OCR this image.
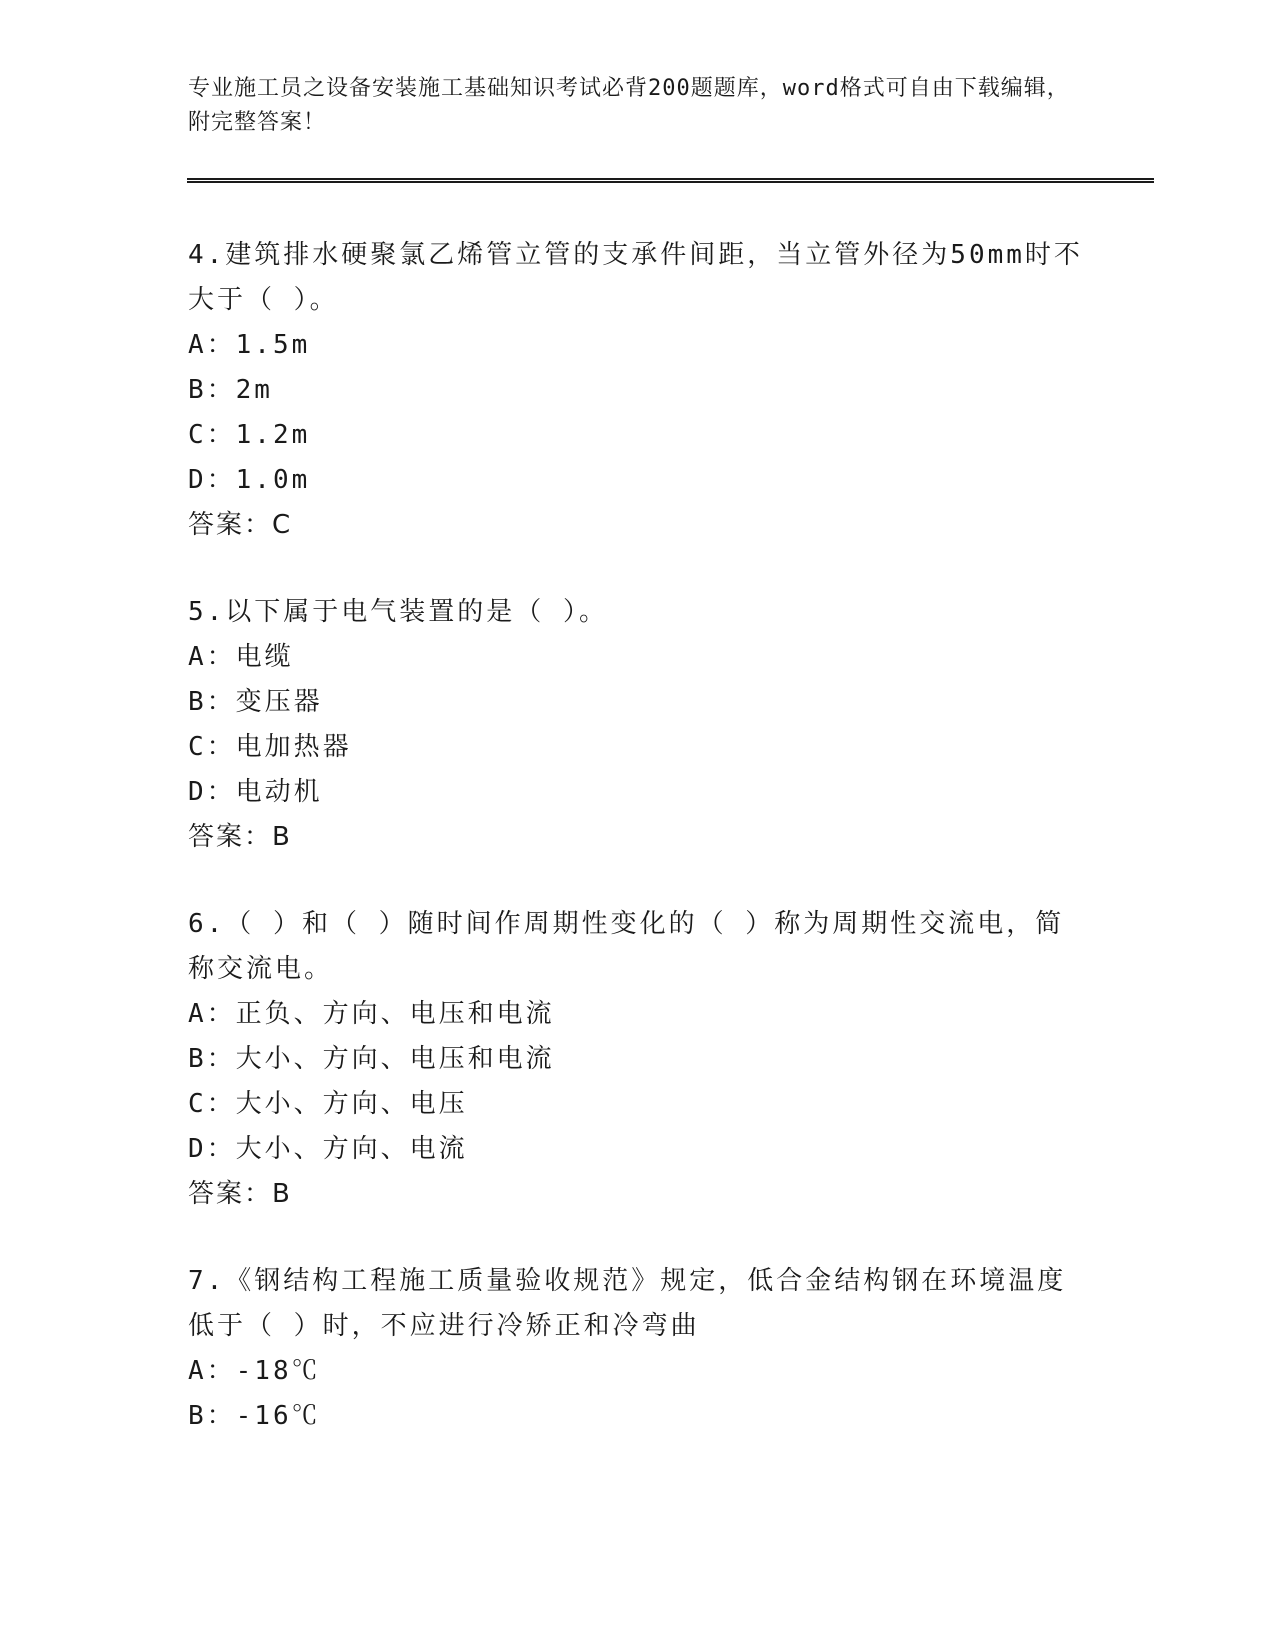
专业施工员之设备安装施工基础知识考试必背200题题库，word格式可自由下载编辑，附完整答案！
4.建筑排水硬聚氯乙烯管立管的支承件间距，当立管外径为50mm时不大于（ ）。
A：1.5m
B：2m
C：1.2m
D：1.0m
答案：C
5.以下属于电气装置的是（ ）。
A：电缆
B：变压器
C：电加热器
D：电动机
答案：B
6.（ ）和（ ）随时间作周期性变化的（ ）称为周期性交流电，简称交流电。
A：正负、方向、电压和电流
B：大小、方向、电压和电流
C：大小、方向、电压
D：大小、方向、电流
答案：B
7.《钢结构工程施工质量验收规范》规定，低合金结构钢在环境温度低于（ ）时，不应进行冷矫正和冷弯曲
A：-18℃
B：-16℃
